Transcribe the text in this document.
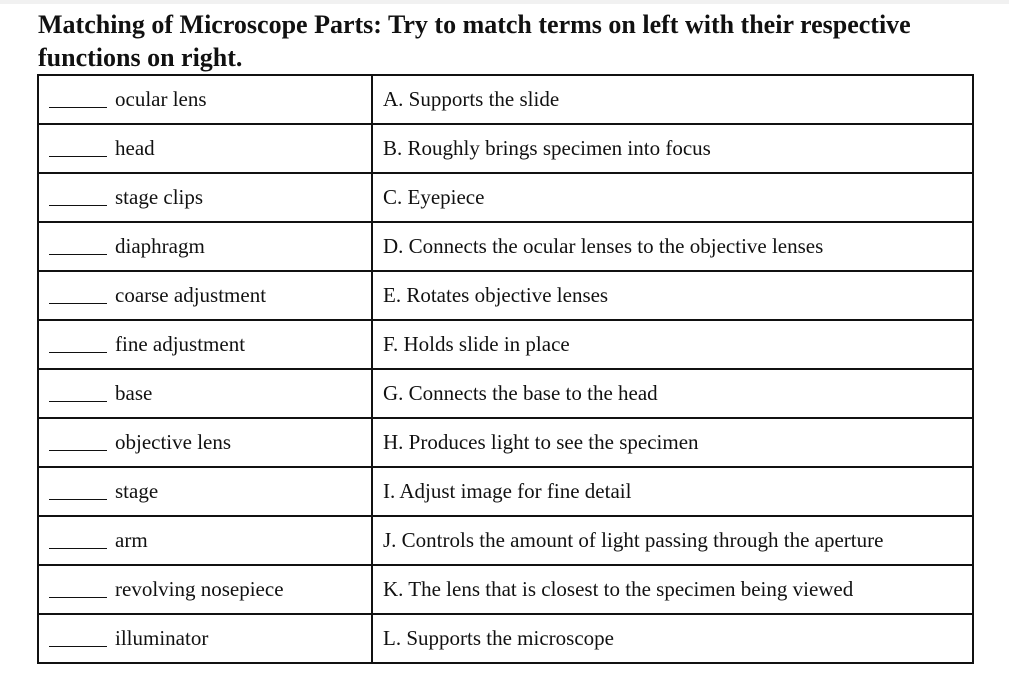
Matching of Microscope Parts: Try to match terms on left with their respective functions on right.
ocular lens	A. Supports the slide
head	B. Roughly brings specimen into focus
stage clips	C. Eyepiece
diaphragm	D. Connects the ocular lenses to the objective lenses
coarse adjustment	E. Rotates objective lenses
fine adjustment	F. Holds slide in place
base	G. Connects the base to the head
objective lens	H. Produces light to see the specimen
stage	I. Adjust image for fine detail
arm	J. Controls the amount of light passing through the aperture
revolving nosepiece	K. The lens that is closest to the specimen being viewed
illuminator	L. Supports the microscope
